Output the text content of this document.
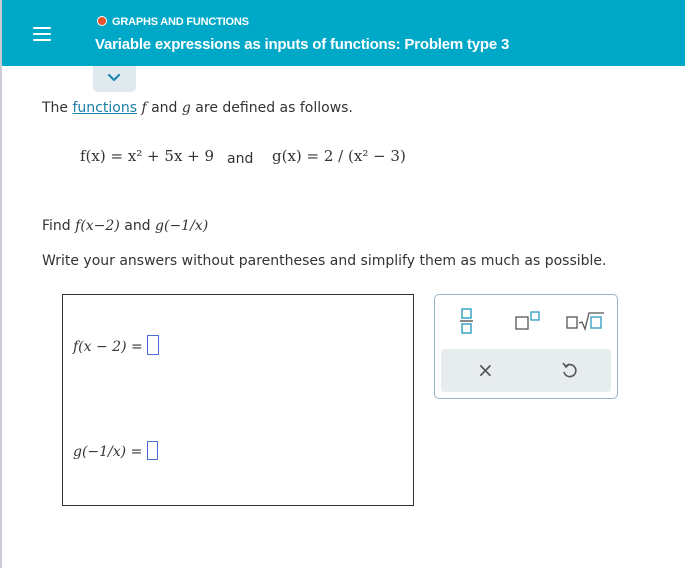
GRAPHS AND FUNCTIONS
Variable expressions as inputs of functions: Problem type 3
The functions f and g are defined as follows.
f(x) = x² + 5x + 9 and g(x) = 2 / (x² − 3)
Find f(x−2) and g(−1/x)
Write your answers without parentheses and simplify them as much as possible.
f(x − 2) =
g(−1/x) =
×
